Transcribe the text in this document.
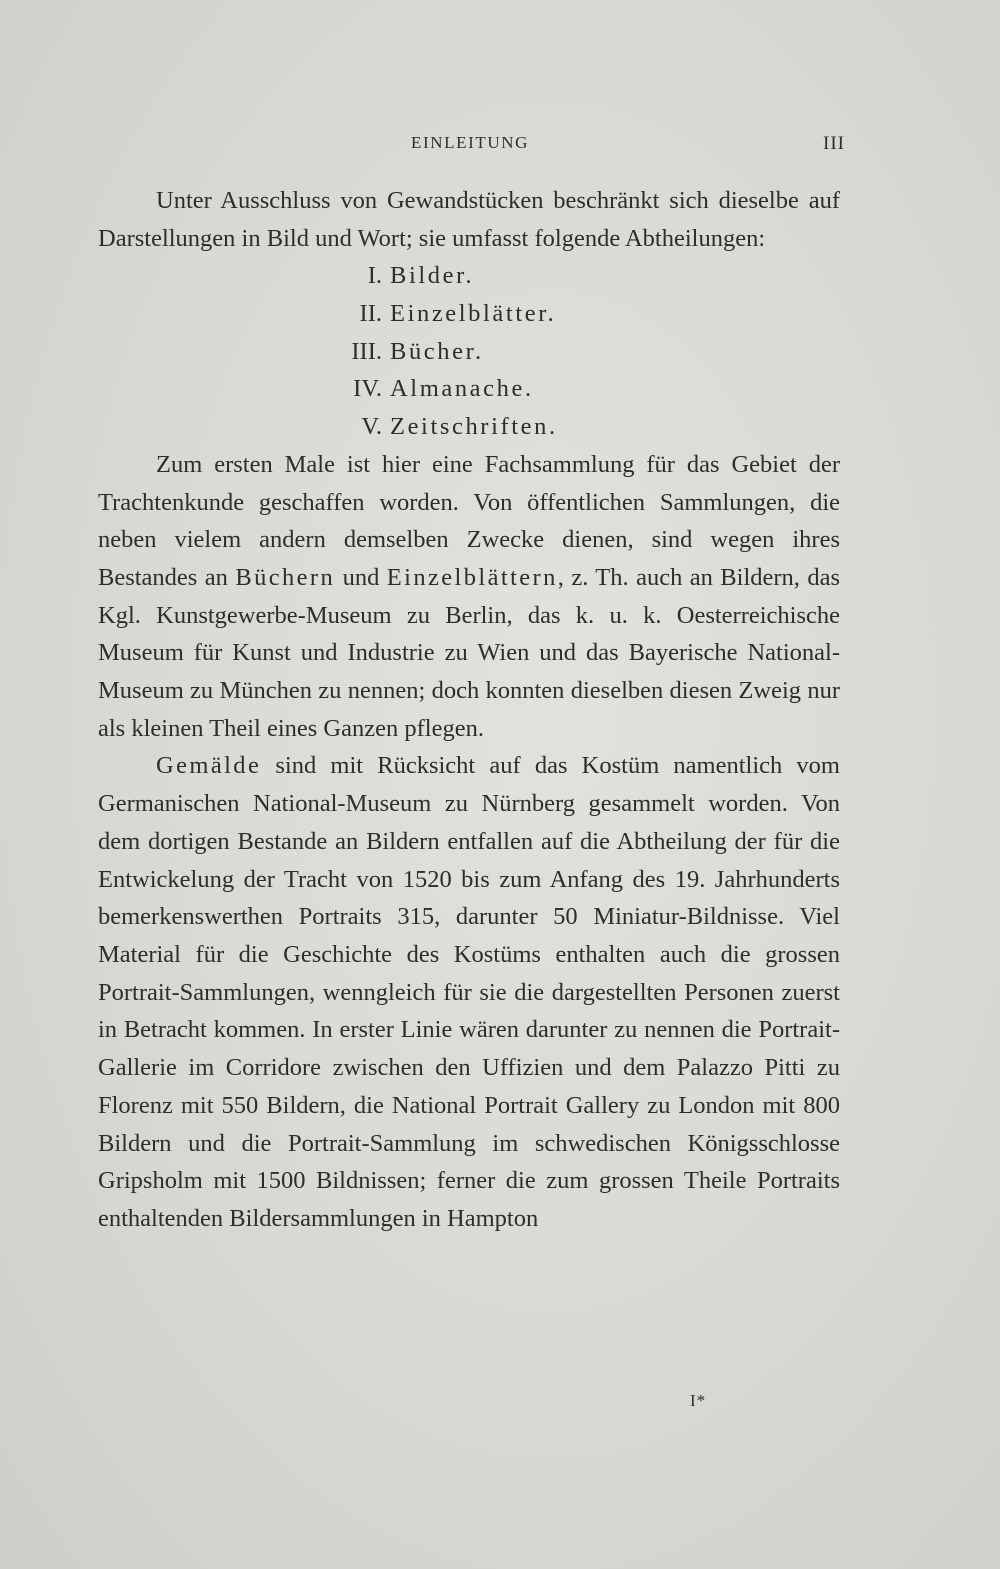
EINLEITUNG	III

Unter Ausschluss von Gewandstücken beschränkt sich dieselbe auf Darstellungen in Bild und Wort; sie umfasst folgende Abtheilungen:

I. Bilder.
II. Einzelblätter.
III. Bücher.
IV. Almanache.
V. Zeitschriften.

Zum ersten Male ist hier eine Fachsammlung für das Gebiet der Trachtenkunde geschaffen worden. Von öffentlichen Sammlungen, die neben vielem andern demselben Zwecke dienen, sind wegen ihres Bestandes an Büchern und Einzelblättern, z. Th. auch an Bildern, das Kgl. Kunstgewerbe-Museum zu Berlin, das k. u. k. Oesterreichische Museum für Kunst und Industrie zu Wien und das Bayerische National-Museum zu München zu nennen; doch konnten dieselben diesen Zweig nur als kleinen Theil eines Ganzen pflegen.

Gemälde sind mit Rücksicht auf das Kostüm namentlich vom Germanischen National-Museum zu Nürnberg gesammelt worden. Von dem dortigen Bestande an Bildern entfallen auf die Abtheilung der für die Entwickelung der Tracht von 1520 bis zum Anfang des 19. Jahrhunderts bemerkenswerthen Portraits 315, darunter 50 Miniatur-Bildnisse. Viel Material für die Geschichte des Kostüms enthalten auch die grossen Portrait-Sammlungen, wenngleich für sie die dargestellten Personen zuerst in Betracht kommen. In erster Linie wären darunter zu nennen die Portrait-Gallerie im Corridore zwischen den Uffizien und dem Palazzo Pitti zu Florenz mit 550 Bildern, die National Portrait Gallery zu London mit 800 Bildern und die Portrait-Sammlung im schwedischen Königsschlosse Gripsholm mit 1500 Bildnissen; ferner die zum grossen Theile Portraits enthaltenden Bildersammlungen in Hampton

I*
